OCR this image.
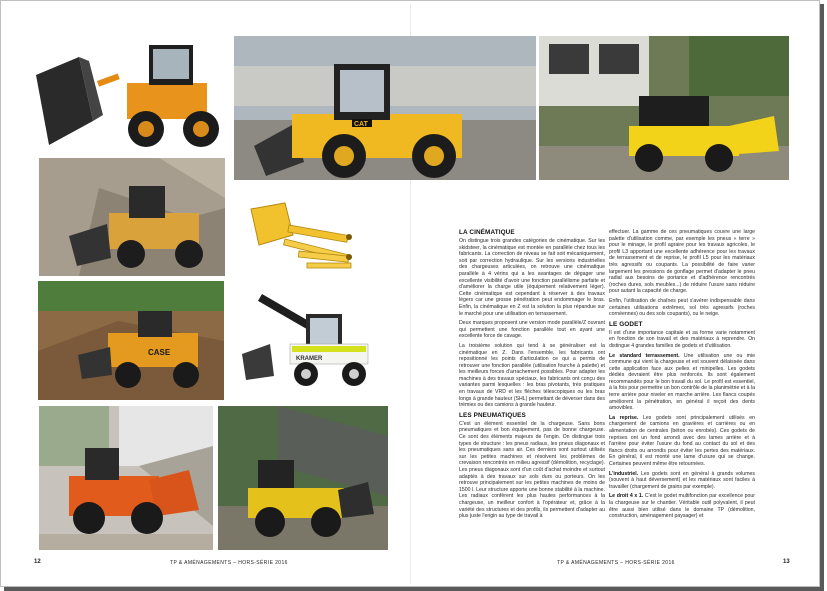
CAT
CASE
KRAMER
LA CINÉMATIQUE

On distingue trois grandes catégories de cinématique. Sur les skidsteer, la cinématique est montée en parallèle chez tous les fabricants. La correction de niveau se fait soit mécaniquement, soit par correction hydraulique. Sur les versions industrielles des chargeuses articulées, on retrouve une cinématique parallèle à 4 vérins qui a les avantages de dégager une excellente visibilité d'avoir une fonction parallélisme parfaite et d'améliorer la charge utile (équipement relativement léger). Cette cinématique est cependant à réserver à des travaux légers car une grosse pénétration peut endommager le bras. Enfin, la cinématique en Z est la solution la plus répandue sur le marché pour une utilisation en terrassement.

Deux marques proposent une version mode parallèle/Z ouvrant qui permettent une fonction parallèle tout en ayant une excellente force de cavage.

La troisième solution qui tend à se généraliser est la cinématique en Z. Dans l'ensemble, les fabricants ont repositionné les points d'articulation ce qui a permis de retrouver une fonction parallèle (utilisation fourche à palette) et les meilleurs forces d'arrachement possibles. Pour adapter les machines à des travaux spéciaux, les fabricants ont conçu des variantes parmi lesquelles : les bras pivotants, très pratiques en travaux de VRD et les flèches télescopiques ou les bras longs à grande hauteur (SHL) permettant de déverser dans des trémies ou des camions à grande hauteur.

LES PNEUMATIQUES

C'est un élément essentiel de la chargeuse. Sans bons pneumatiques et bon équipement, pas de bonne chargeuse. Ce sont des éléments majeurs de l'engin. On distingue trois types de structure : les pneus radiaux, les pneus diagonaux et les pneumatiques sans air. Ces derniers sont surtout utilisés sur les petites machines et résolvent les problèmes de crevaison rencontrés en milieu agressif (démolition, recyclage). Les pneus diagonaux sont d'un coût d'achat moindre et surtout adaptés à des travaux sur sols durs ou porteurs. On les retrouve principalement sur les petites machines de moins de 1500 l. Leur structure apporte une bonne stabilité à la machine. Les radiaux confèrent les plus hautes performances à la chargeuse, un meilleur confort à l'opérateur et, grâce à la variété des structures et des profils, ils permettent d'adapter au plus juste l'engin au type de travail à

effectuer. La gamme de ces pneumatiques couvre une large palette d'utilisation comme, par exemple les pneus « terre » pour le minage, le profil agraire pour les travaux agricoles, le profil L3 apportant une excellente adhérence pour les travaux de terrassement et de reprise, le profil L5 pour les matériaux très agressifs ou coupants. La possibilité de faire varier largement les pressions de gonflage permet d'adapter le pneu radial aux besoins de portance et d'adhérence rencontrés (roches dures, sols meubles...) de réduire l'usure sans réduire pour autant la capacité de charge.

Enfin, l'utilisation de chaînes peut s'avérer indispensable dans certaines utilisations extrêmes, sol très agressifs (roches cornéennes) ou des sols coupants), ou le neige.

LE GODET

Il est d'une importance capitale et sa forme varie notamment en fonction de son travail et des matériaux à reprendre. On distingue 4 grandes familles de godets et d'utilisation.

Le standard terrassement. Une utilisation une ou mie commune qui vient la chargeuse et est souvent délaissée dans cette application face aux pelles et minipelles. Les godets dédiés devraient être plus renforcés. Ils sont également recommandés pour le bon travail du sol. Le profil est essentiel, à la fois pour permettre un bon contrôle de la planimétrie et à la terre arrière pour niveler en marche arrière. Les flancs coupés améliorent la pénétration, en général il reçoit des dents amovibles.

La reprise. Les godets sont principalement utilisés en chargement de camions en gravières et carrières ou en alimentation de centrales (béton ou enrobés). Ces godets de reprises ont un fond arrondi avec des lames arrière et à l'arrière pour éviter l'usure du fond au contact du sol et des flancs droits ou arrondis pour éviter les pertes des matériaux. En général, il est monté une lame d'usure qui se change. Certaines peuvent même être retournées.

L'industriel. Les godets sont en général à grands volumes (souvent à haut déversement) et les matériaux sont faciles à travailler (chargement de grains par exemple).

Le droit 4 x 1. C'est le godet multifonction par excellence pour la chargeuse sur le chantier. Véritable outil polyvalent, il peut être aussi bien utilisé dans le domaine TP (démolition, construction, aménagement paysager) et

12	TP & AMÉNAGEMENTS – HORS-SÉRIE 2016	TP & AMÉNAGEMENTS – HORS-SÉRIE 2016	13
